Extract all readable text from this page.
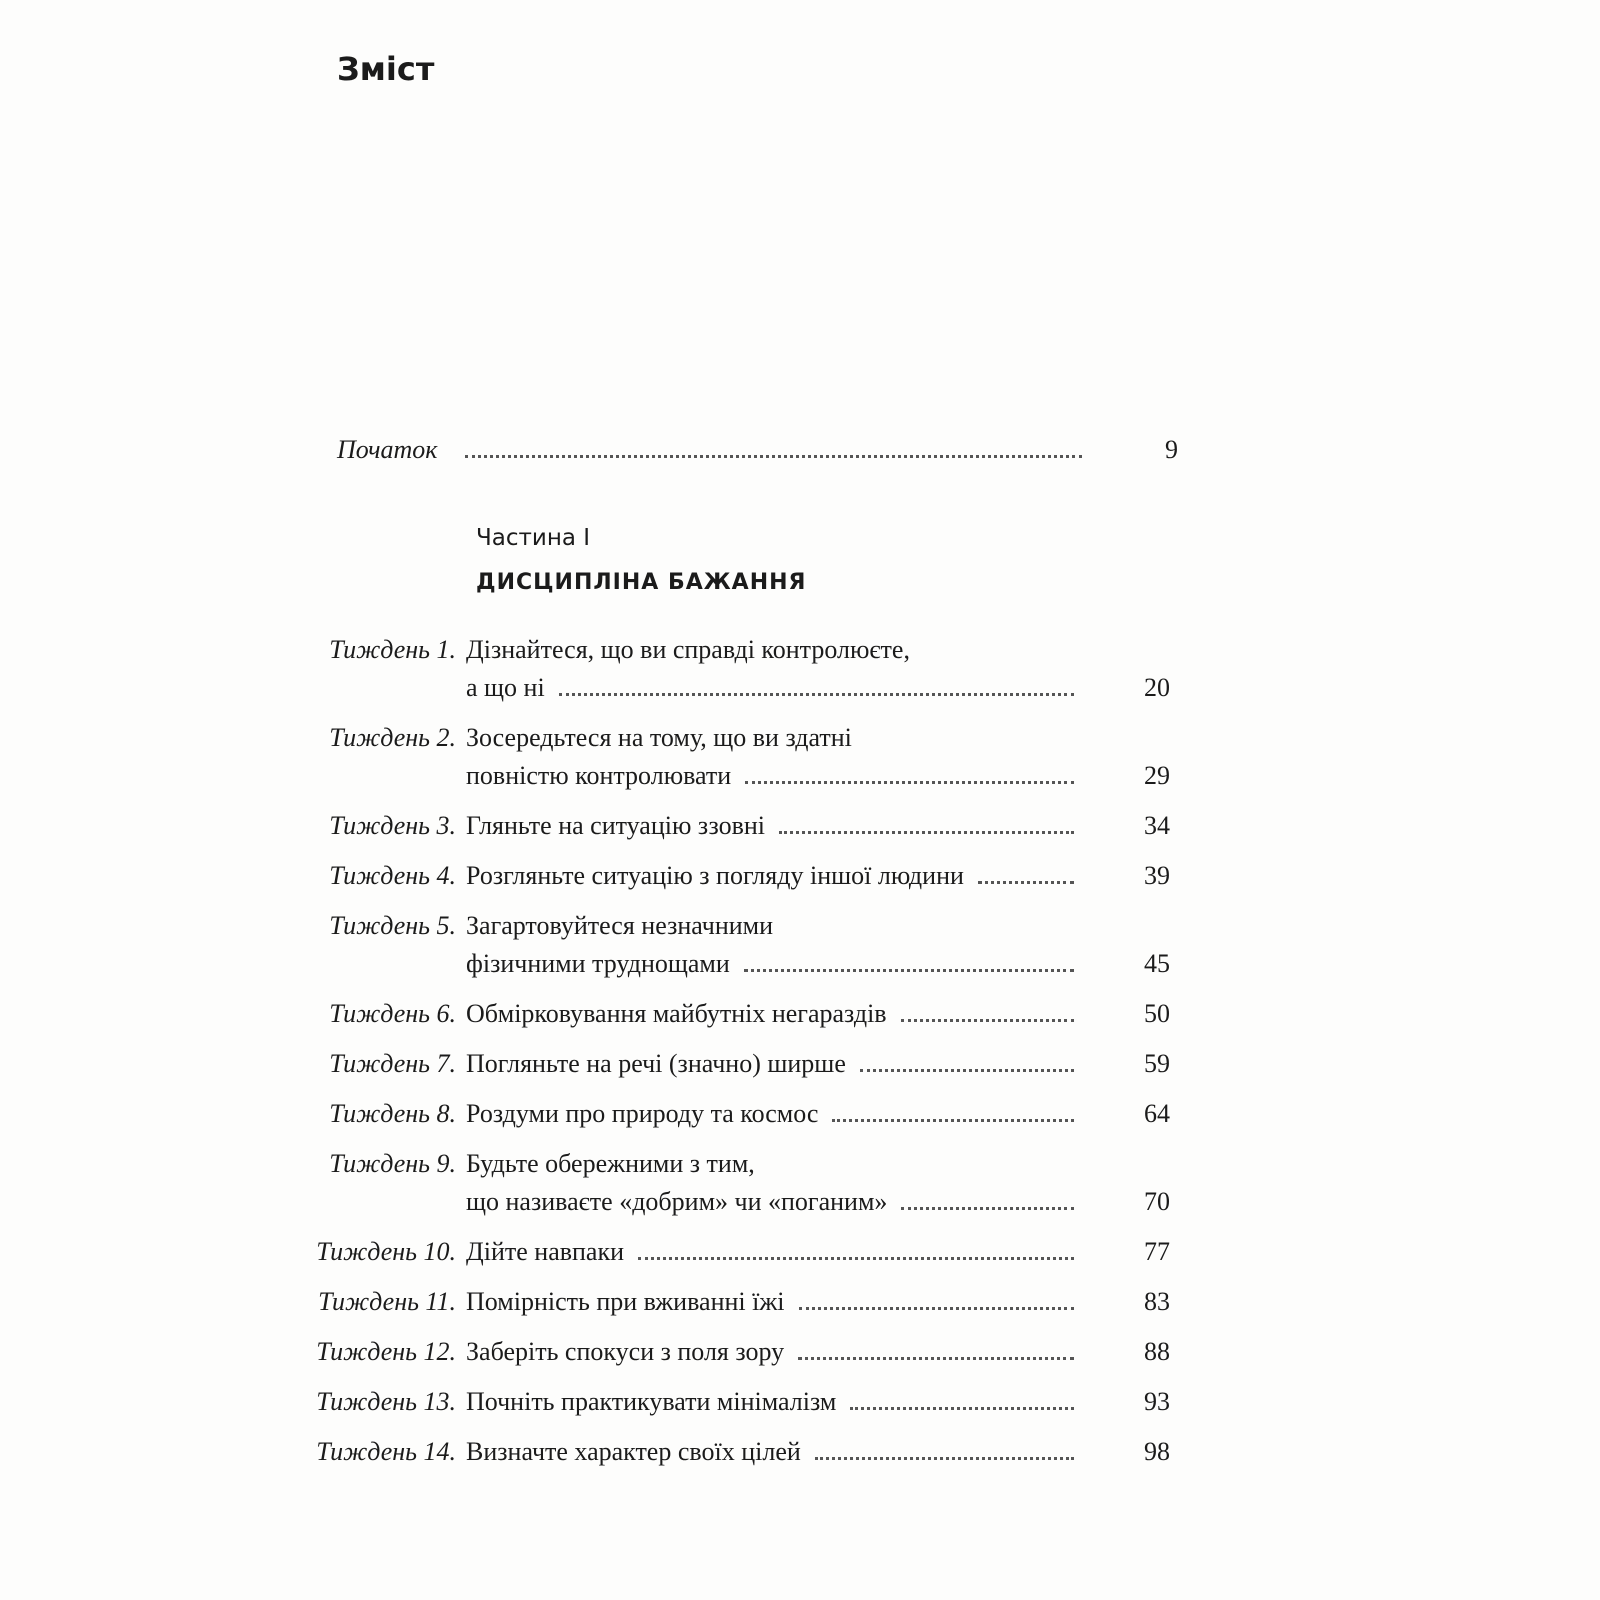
Зміст
Початок	9
Частина I
ДИСЦИПЛІНА БАЖАННЯ
Тиждень 1. Дізнайтеся, що ви справді контролюєте,
а що ні	20
Тиждень 2. Зосередьтеся на тому, що ви здатні
повністю контролювати	29
Тиждень 3. Гляньте на ситуацію ззовні	34
Тиждень 4. Розгляньте ситуацію з погляду іншої людини	39
Тиждень 5. Загартовуйтеся незначними
фізичними труднощами	45
Тиждень 6. Обмірковування майбутніх негараздів	50
Тиждень 7. Погляньте на речі (значно) ширше	59
Тиждень 8. Роздуми про природу та космос	64
Тиждень 9. Будьте обережними з тим,
що називаєте «добрим» чи «поганим»	70
Тиждень 10. Дійте навпаки	77
Тиждень 11. Помірність при вживанні їжі	83
Тиждень 12. Заберіть спокуси з поля зору	88
Тиждень 13. Почніть практикувати мінімалізм	93
Тиждень 14. Визначте характер своїх цілей	98
